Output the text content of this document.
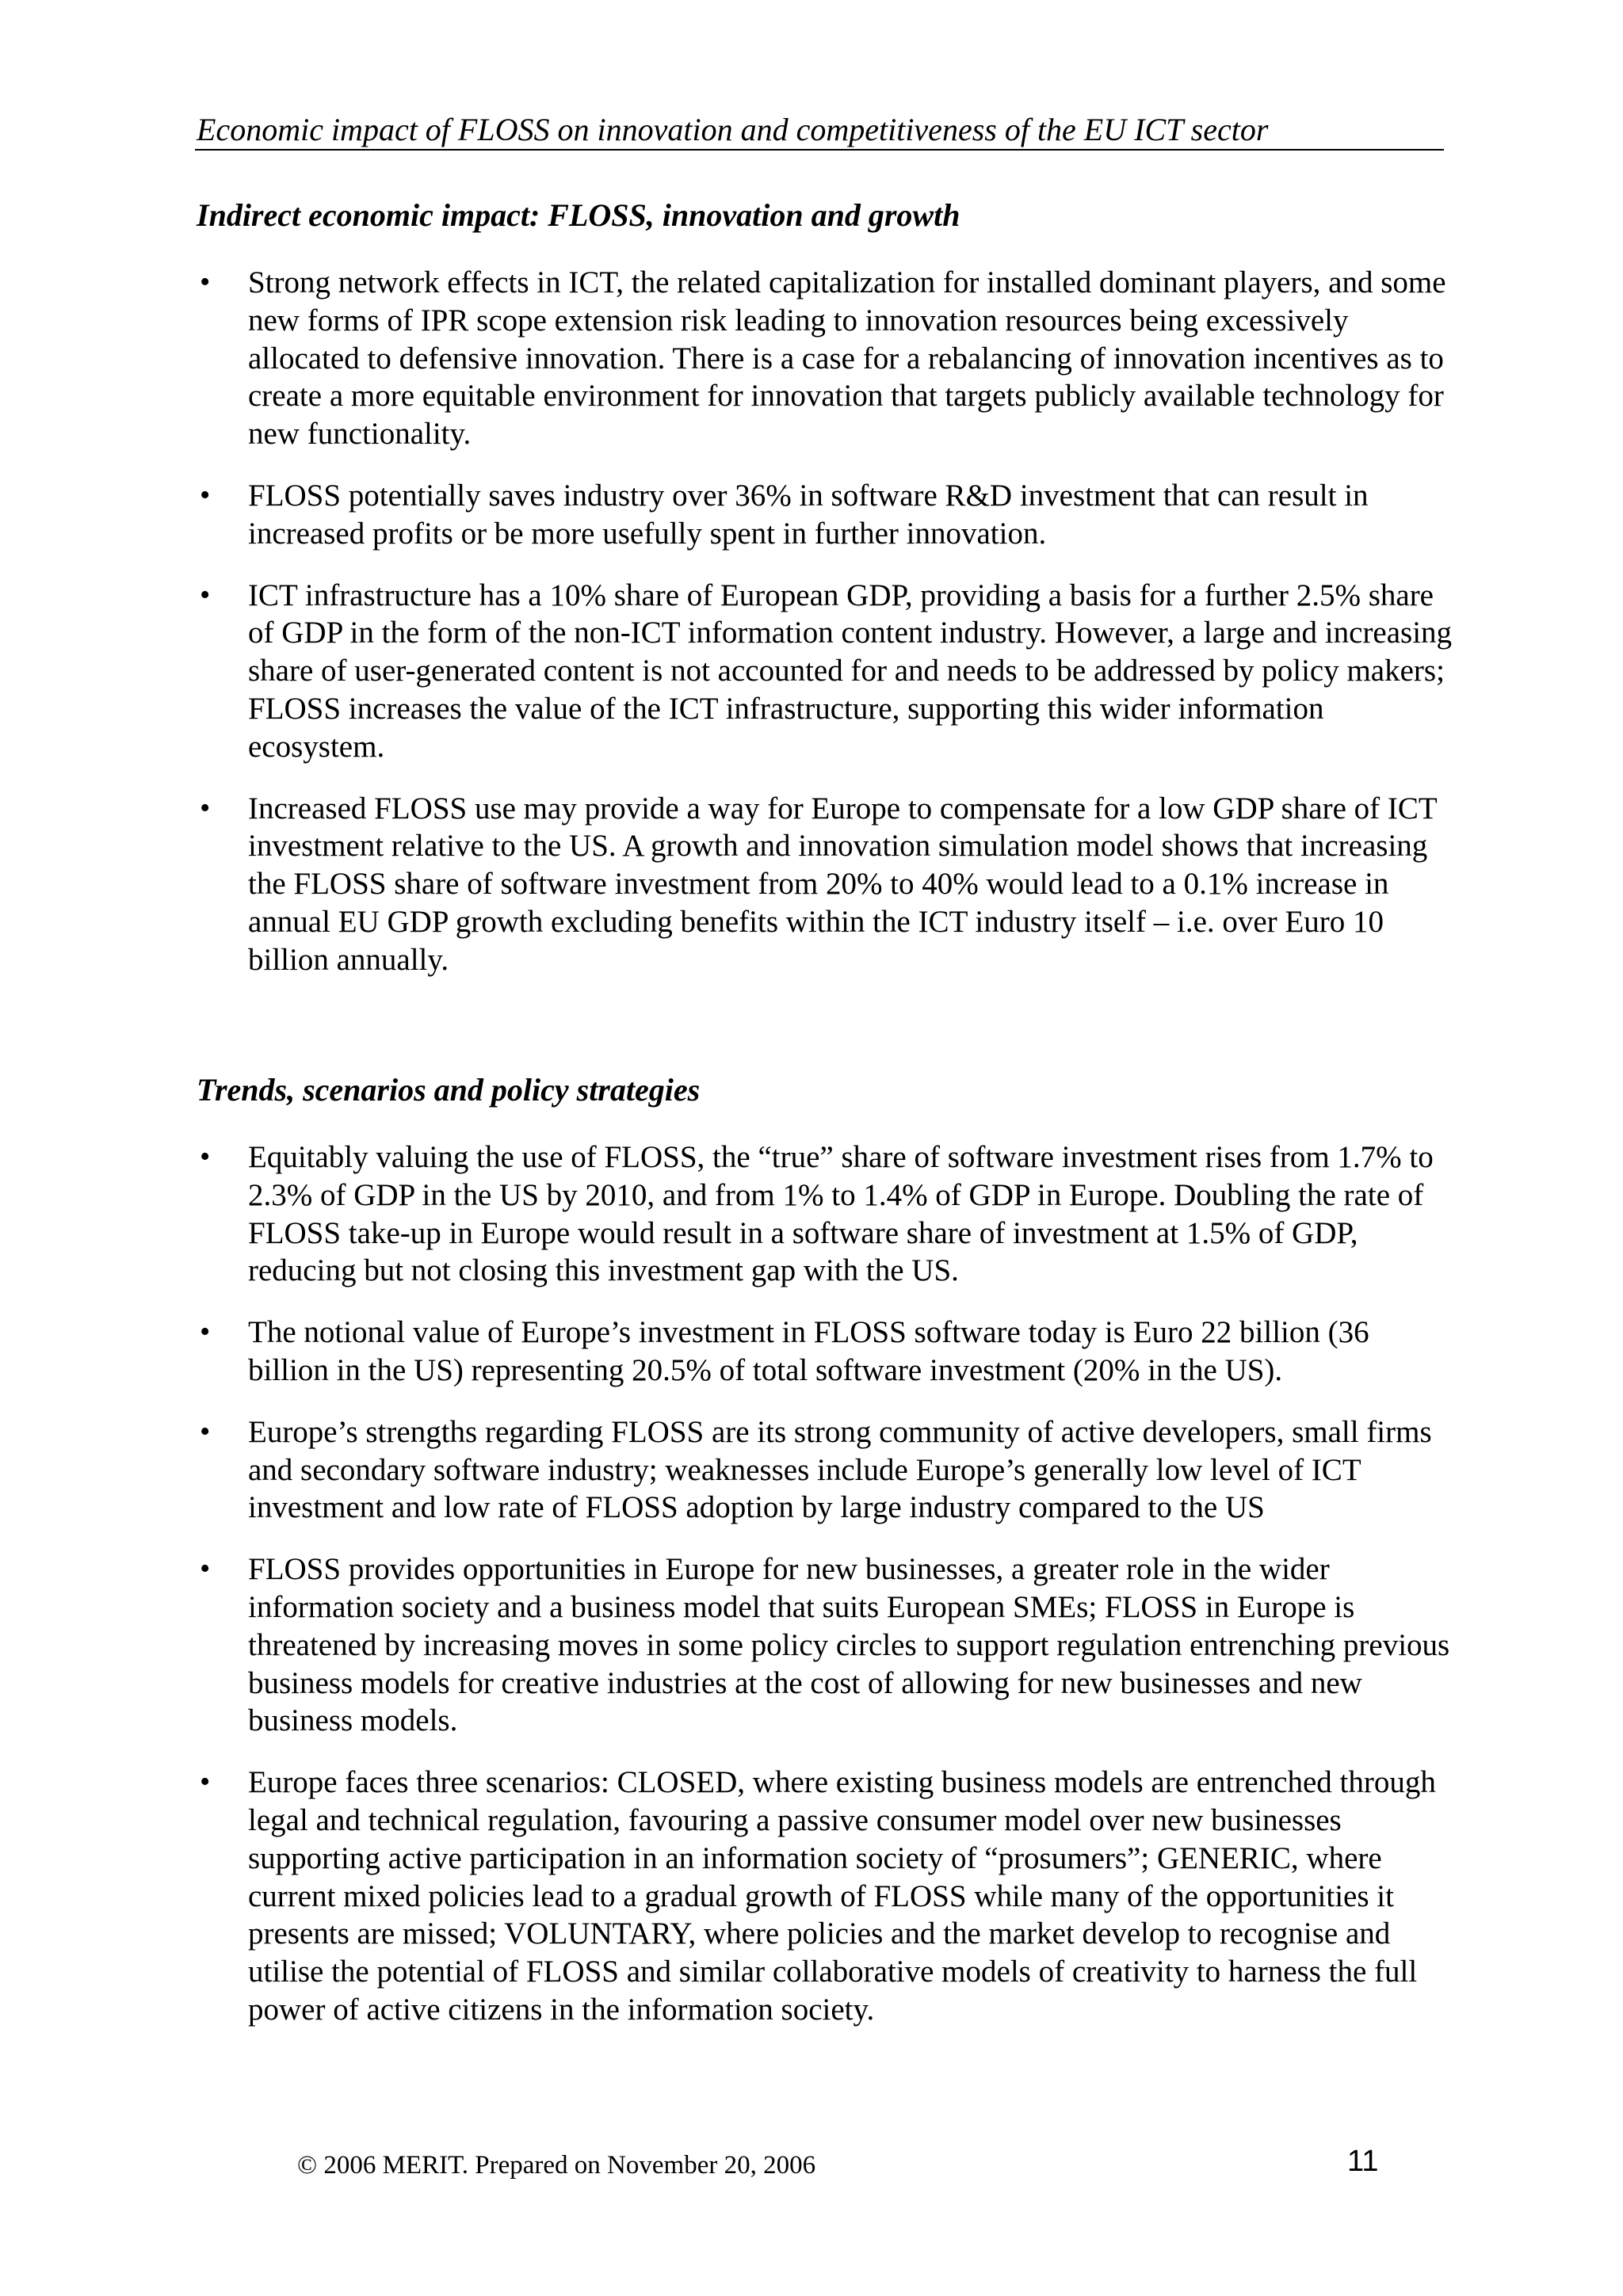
Economic impact of FLOSS on innovation and competitiveness of the EU ICT sector
Indirect economic impact: FLOSS, innovation and growth
• Strong network effects in ICT, the related capitalization for installed dominant players, and some new forms of IPR scope extension risk leading to innovation resources being excessively allocated to defensive innovation. There is a case for a rebalancing of innovation incentives as to create a more equitable environment for innovation that targets publicly available technology for new functionality.
• FLOSS potentially saves industry over 36% in software R&D investment that can result in increased profits or be more usefully spent in further innovation.
• ICT infrastructure has a 10% share of European GDP, providing a basis for a further 2.5% share of GDP in the form of the non-ICT information content industry. However, a large and increasing share of user-generated content is not accounted for and needs to be addressed by policy makers; FLOSS increases the value of the ICT infrastructure, supporting this wider information ecosystem.
• Increased FLOSS use may provide a way for Europe to compensate for a low GDP share of ICT investment relative to the US. A growth and innovation simulation model shows that increasing the FLOSS share of software investment from 20% to 40% would lead to a 0.1% increase in annual EU GDP growth excluding benefits within the ICT industry itself – i.e. over Euro 10 billion annually.
Trends, scenarios and policy strategies
• Equitably valuing the use of FLOSS, the “true” share of software investment rises from 1.7% to 2.3% of GDP in the US by 2010, and from 1% to 1.4% of GDP in Europe. Doubling the rate of FLOSS take-up in Europe would result in a software share of investment at 1.5% of GDP, reducing but not closing this investment gap with the US.
• The notional value of Europe’s investment in FLOSS software today is Euro 22 billion (36 billion in the US) representing 20.5% of total software investment (20% in the US).
• Europe’s strengths regarding FLOSS are its strong community of active developers, small firms and secondary software industry; weaknesses include Europe’s generally low level of ICT investment and low rate of FLOSS adoption by large industry compared to the US
• FLOSS provides opportunities in Europe for new businesses, a greater role in the wider information society and a business model that suits European SMEs; FLOSS in Europe is threatened by increasing moves in some policy circles to support regulation entrenching previous business models for creative industries at the cost of allowing for new businesses and new business models.
• Europe faces three scenarios: CLOSED, where existing business models are entrenched through legal and technical regulation, favouring a passive consumer model over new businesses supporting active participation in an information society of “prosumers”; GENERIC, where current mixed policies lead to a gradual growth of FLOSS while many of the opportunities it presents are missed; VOLUNTARY, where policies and the market develop to recognise and utilise the potential of FLOSS and similar collaborative models of creativity to harness the full power of active citizens in the information society.
© 2006 MERIT. Prepared on November 20, 2006	11
